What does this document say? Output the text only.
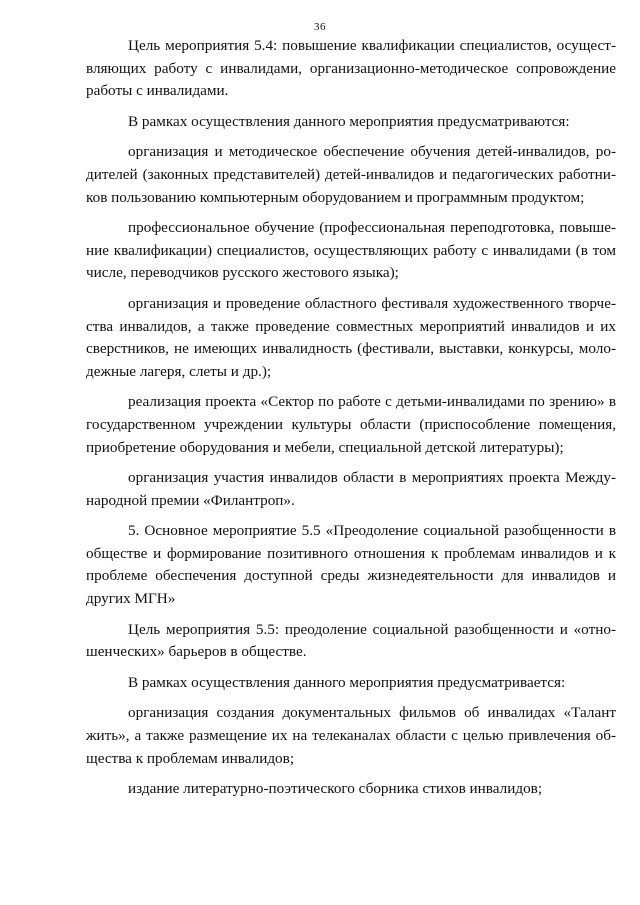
36

Цель мероприятия 5.4: повышение квалификации специалистов, осуществляющих работу с инвалидами, организационно-методическое сопровождение работы с инвалидами.

В рамках осуществления данного мероприятия предусматриваются:

организация и методическое обеспечение обучения детей-инвалидов, родителей (законных представителей) детей-инвалидов и педагогических работников пользованию компьютерным оборудованием и программным продуктом;

профессиональное обучение (профессиональная переподготовка, повышение квалификации) специалистов, осуществляющих работу с инвалидами (в том числе, переводчиков русского жестового языка);

организация и проведение областного фестиваля художественного творчества инвалидов, а также проведение совместных мероприятий инвалидов и их сверстников, не имеющих инвалидность (фестивали, выставки, конкурсы, молодежные лагеря, слеты и др.);

реализация проекта «Сектор по работе с детьми-инвалидами по зрению» в государственном учреждении культуры области (приспособление помещения, приобретение оборудования и мебели, специальной детской литературы);

организация участия инвалидов области в мероприятиях проекта Международной премии «Филантроп».

5. Основное мероприятие 5.5 «Преодоление социальной разобщенности в обществе и формирование позитивного отношения к проблемам инвалидов и к проблеме обеспечения доступной среды жизнедеятельности для инвалидов и других МГН»

Цель мероприятия 5.5: преодоление социальной разобщенности и «отношенческих» барьеров в обществе.

В рамках осуществления данного мероприятия предусматривается:

организация создания документальных фильмов об инвалидах «Талант жить», а также размещение их на телеканалах области с целью привлечения общества к проблемам инвалидов;

издание литературно-поэтического сборника стихов инвалидов;
